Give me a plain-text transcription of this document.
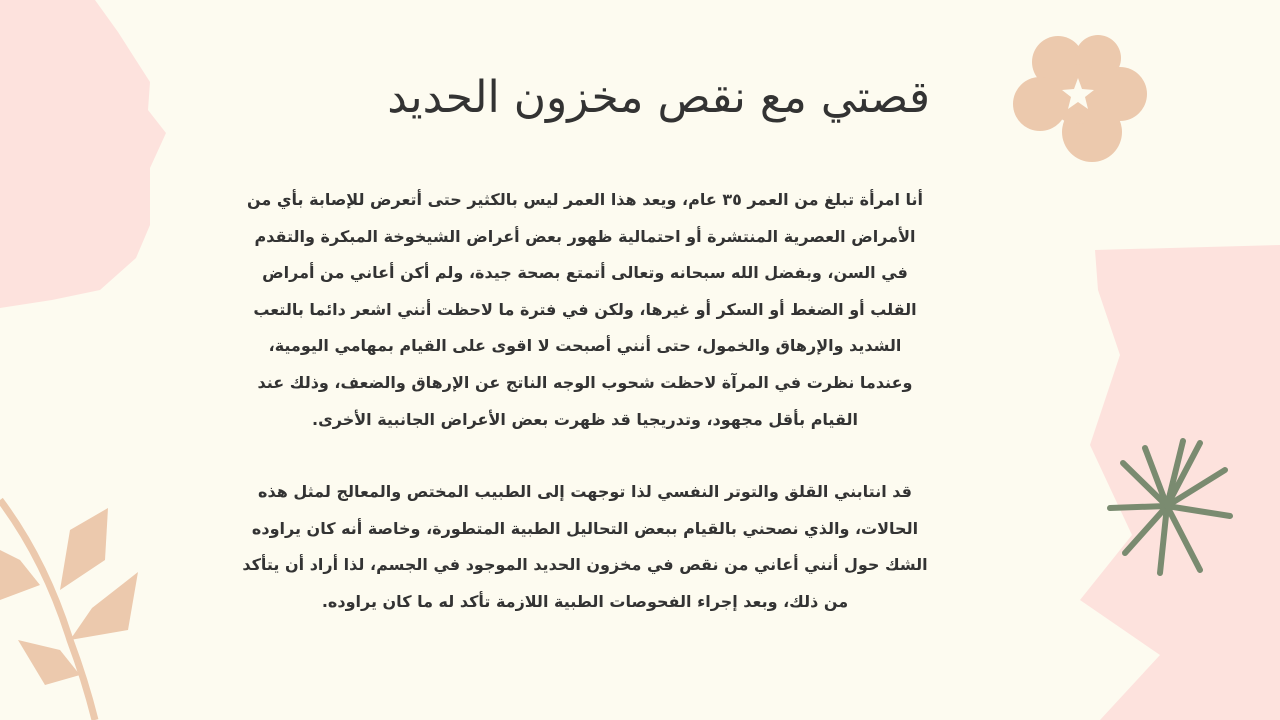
قصتي مع نقص مخزون الحديد

أنا امرأة تبلغ من العمر ٣٥ عام، ويعد هذا العمر ليس بالكثير حتى أتعرض للإصابة بأي من الأمراض العصرية المنتشرة أو احتمالية ظهور بعض أعراض الشيخوخة المبكرة والتقدم في السن، وبفضل الله سبحانه وتعالى أتمتع بصحة جيدة، ولم أكن أعاني من أمراض القلب أو الضغط أو السكر أو غيرها، ولكن في فترة ما لاحظت أنني اشعر دائما بالتعب الشديد والإرهاق والخمول، حتى أنني أصبحت لا اقوى على القيام بمهامي اليومية، وعندما نظرت في المرآة لاحظت شحوب الوجه الناتج عن الإرهاق والضعف، وذلك عند القيام بأقل مجهود، وتدريجيا قد ظهرت بعض الأعراض الجانبية الأخرى.

قد انتابني القلق والتوتر النفسي لذا توجهت إلى الطبيب المختص والمعالج لمثل هذه الحالات، والذي نصحني بالقيام ببعض التحاليل الطبية المتطورة، وخاصة أنه كان يراوده الشك حول أنني أعاني من نقص في مخزون الحديد الموجود في الجسم، لذا أراد أن يتأكد من ذلك، وبعد إجراء الفحوصات الطبية اللازمة تأكد له ما كان يراوده.
